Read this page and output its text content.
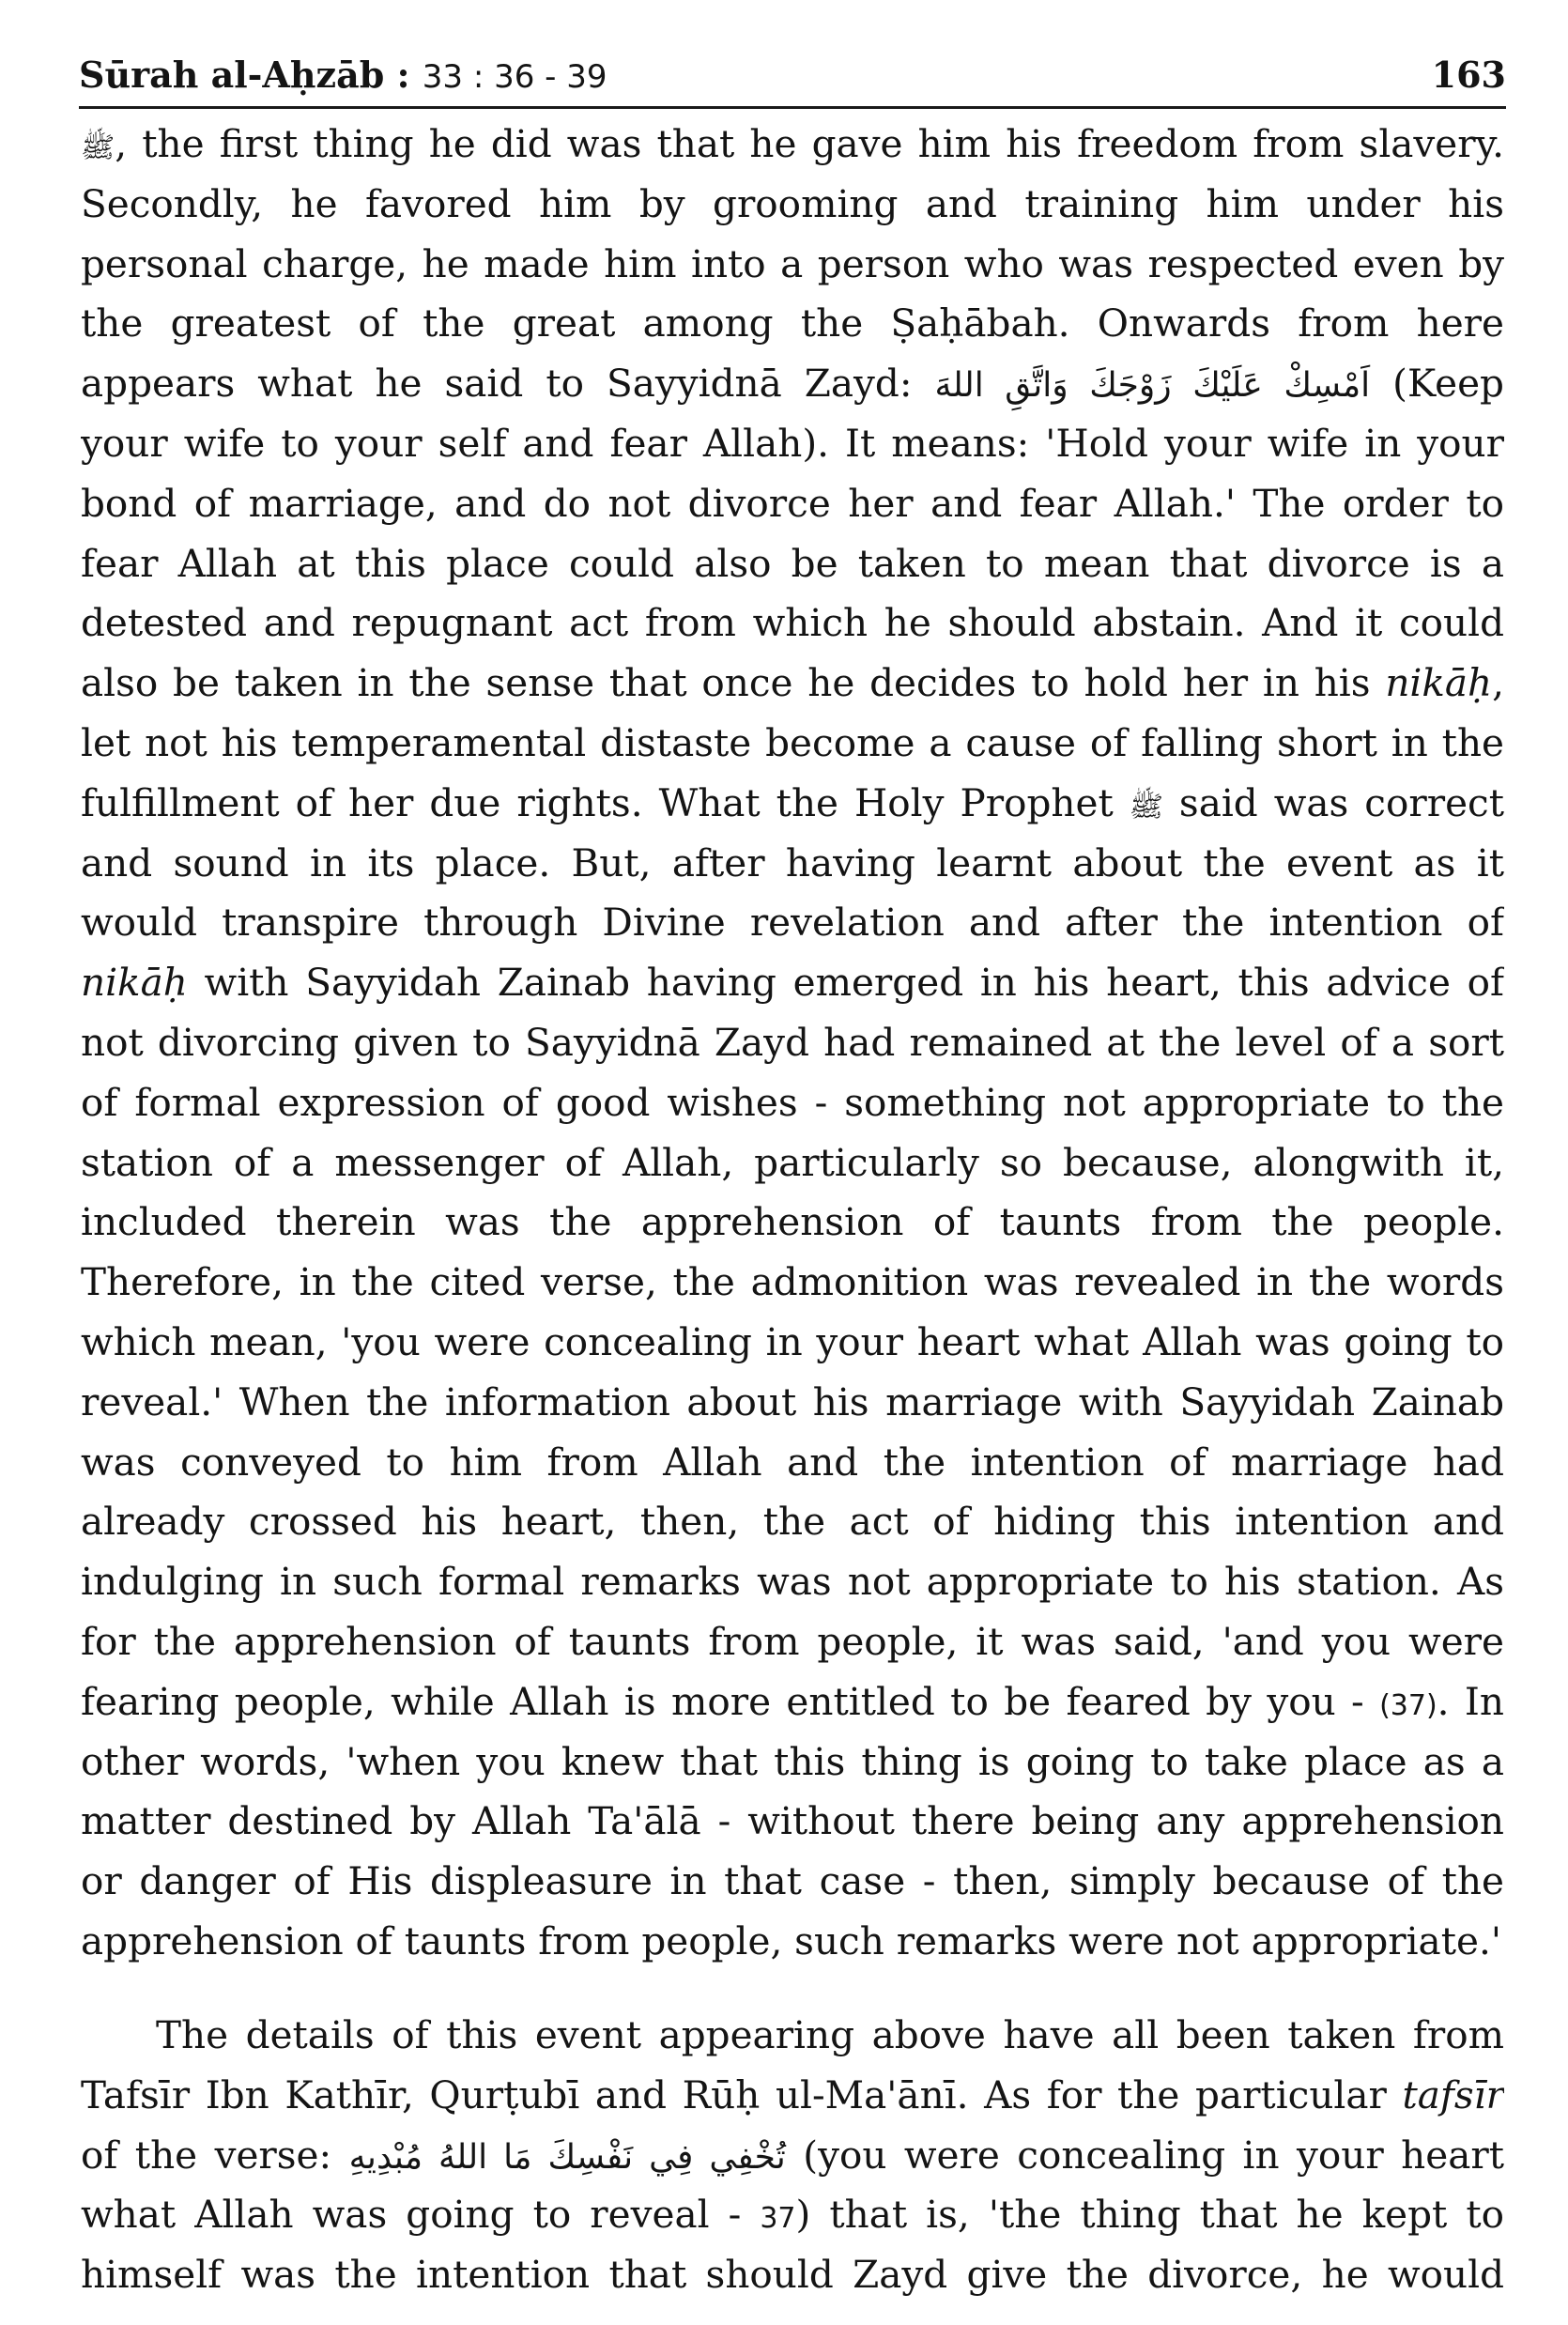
Sūrah al-Aḥzāb : 33 : 36 - 39	163
ﷺ, the first thing he did was that he gave him his freedom from slavery.
Secondly, he favored him by grooming and training him under his
personal charge, he made him into a person who was respected even by
the greatest of the great among the Ṣaḥābah. Onwards from here
appears what he said to Sayyidnā Zayd: اَمْسِكْ عَلَيْكَ زَوْجَكَ وَاتَّقِ اللهَ (Keep
your wife to your self and fear Allah). It means: 'Hold your wife in your
bond of marriage, and do not divorce her and fear Allah.' The order to
fear Allah at this place could also be taken to mean that divorce is a
detested and repugnant act from which he should abstain. And it could
also be taken in the sense that once he decides to hold her in his nikāḥ,
let not his temperamental distaste become a cause of falling short in the
fulfillment of her due rights. What the Holy Prophet ﷺ said was correct
and sound in its place. But, after having learnt about the event as it
would transpire through Divine revelation and after the intention of
nikāḥ with Sayyidah Zainab having emerged in his heart, this advice of
not divorcing given to Sayyidnā Zayd had remained at the level of a sort
of formal expression of good wishes - something not appropriate to the
station of a messenger of Allah, particularly so because, alongwith it,
included therein was the apprehension of taunts from the people.
Therefore, in the cited verse, the admonition was revealed in the words
which mean, 'you were concealing in your heart what Allah was going to
reveal.' When the information about his marriage with Sayyidah Zainab
was conveyed to him from Allah and the intention of marriage had
already crossed his heart, then, the act of hiding this intention and
indulging in such formal remarks was not appropriate to his station. As
for the apprehension of taunts from people, it was said, 'and you were
fearing people, while Allah is more entitled to be feared by you - (37). In
other words, 'when you knew that this thing is going to take place as a
matter destined by Allah Ta'ālā - without there being any apprehension
or danger of His displeasure in that case - then, simply because of the
apprehension of taunts from people, such remarks were not appropriate.'
The details of this event appearing above have all been taken from
Tafsīr Ibn Kathīr, Qurṭubī and Rūḥ ul-Ma'ānī. As for the particular tafsīr
of the verse: تُخْفِي فِي نَفْسِكَ مَا اللهُ مُبْدِيهِ (you were concealing in your heart
what Allah was going to reveal - 37) that is, 'the thing that he kept to
himself was the intention that should Zayd give the divorce, he would
